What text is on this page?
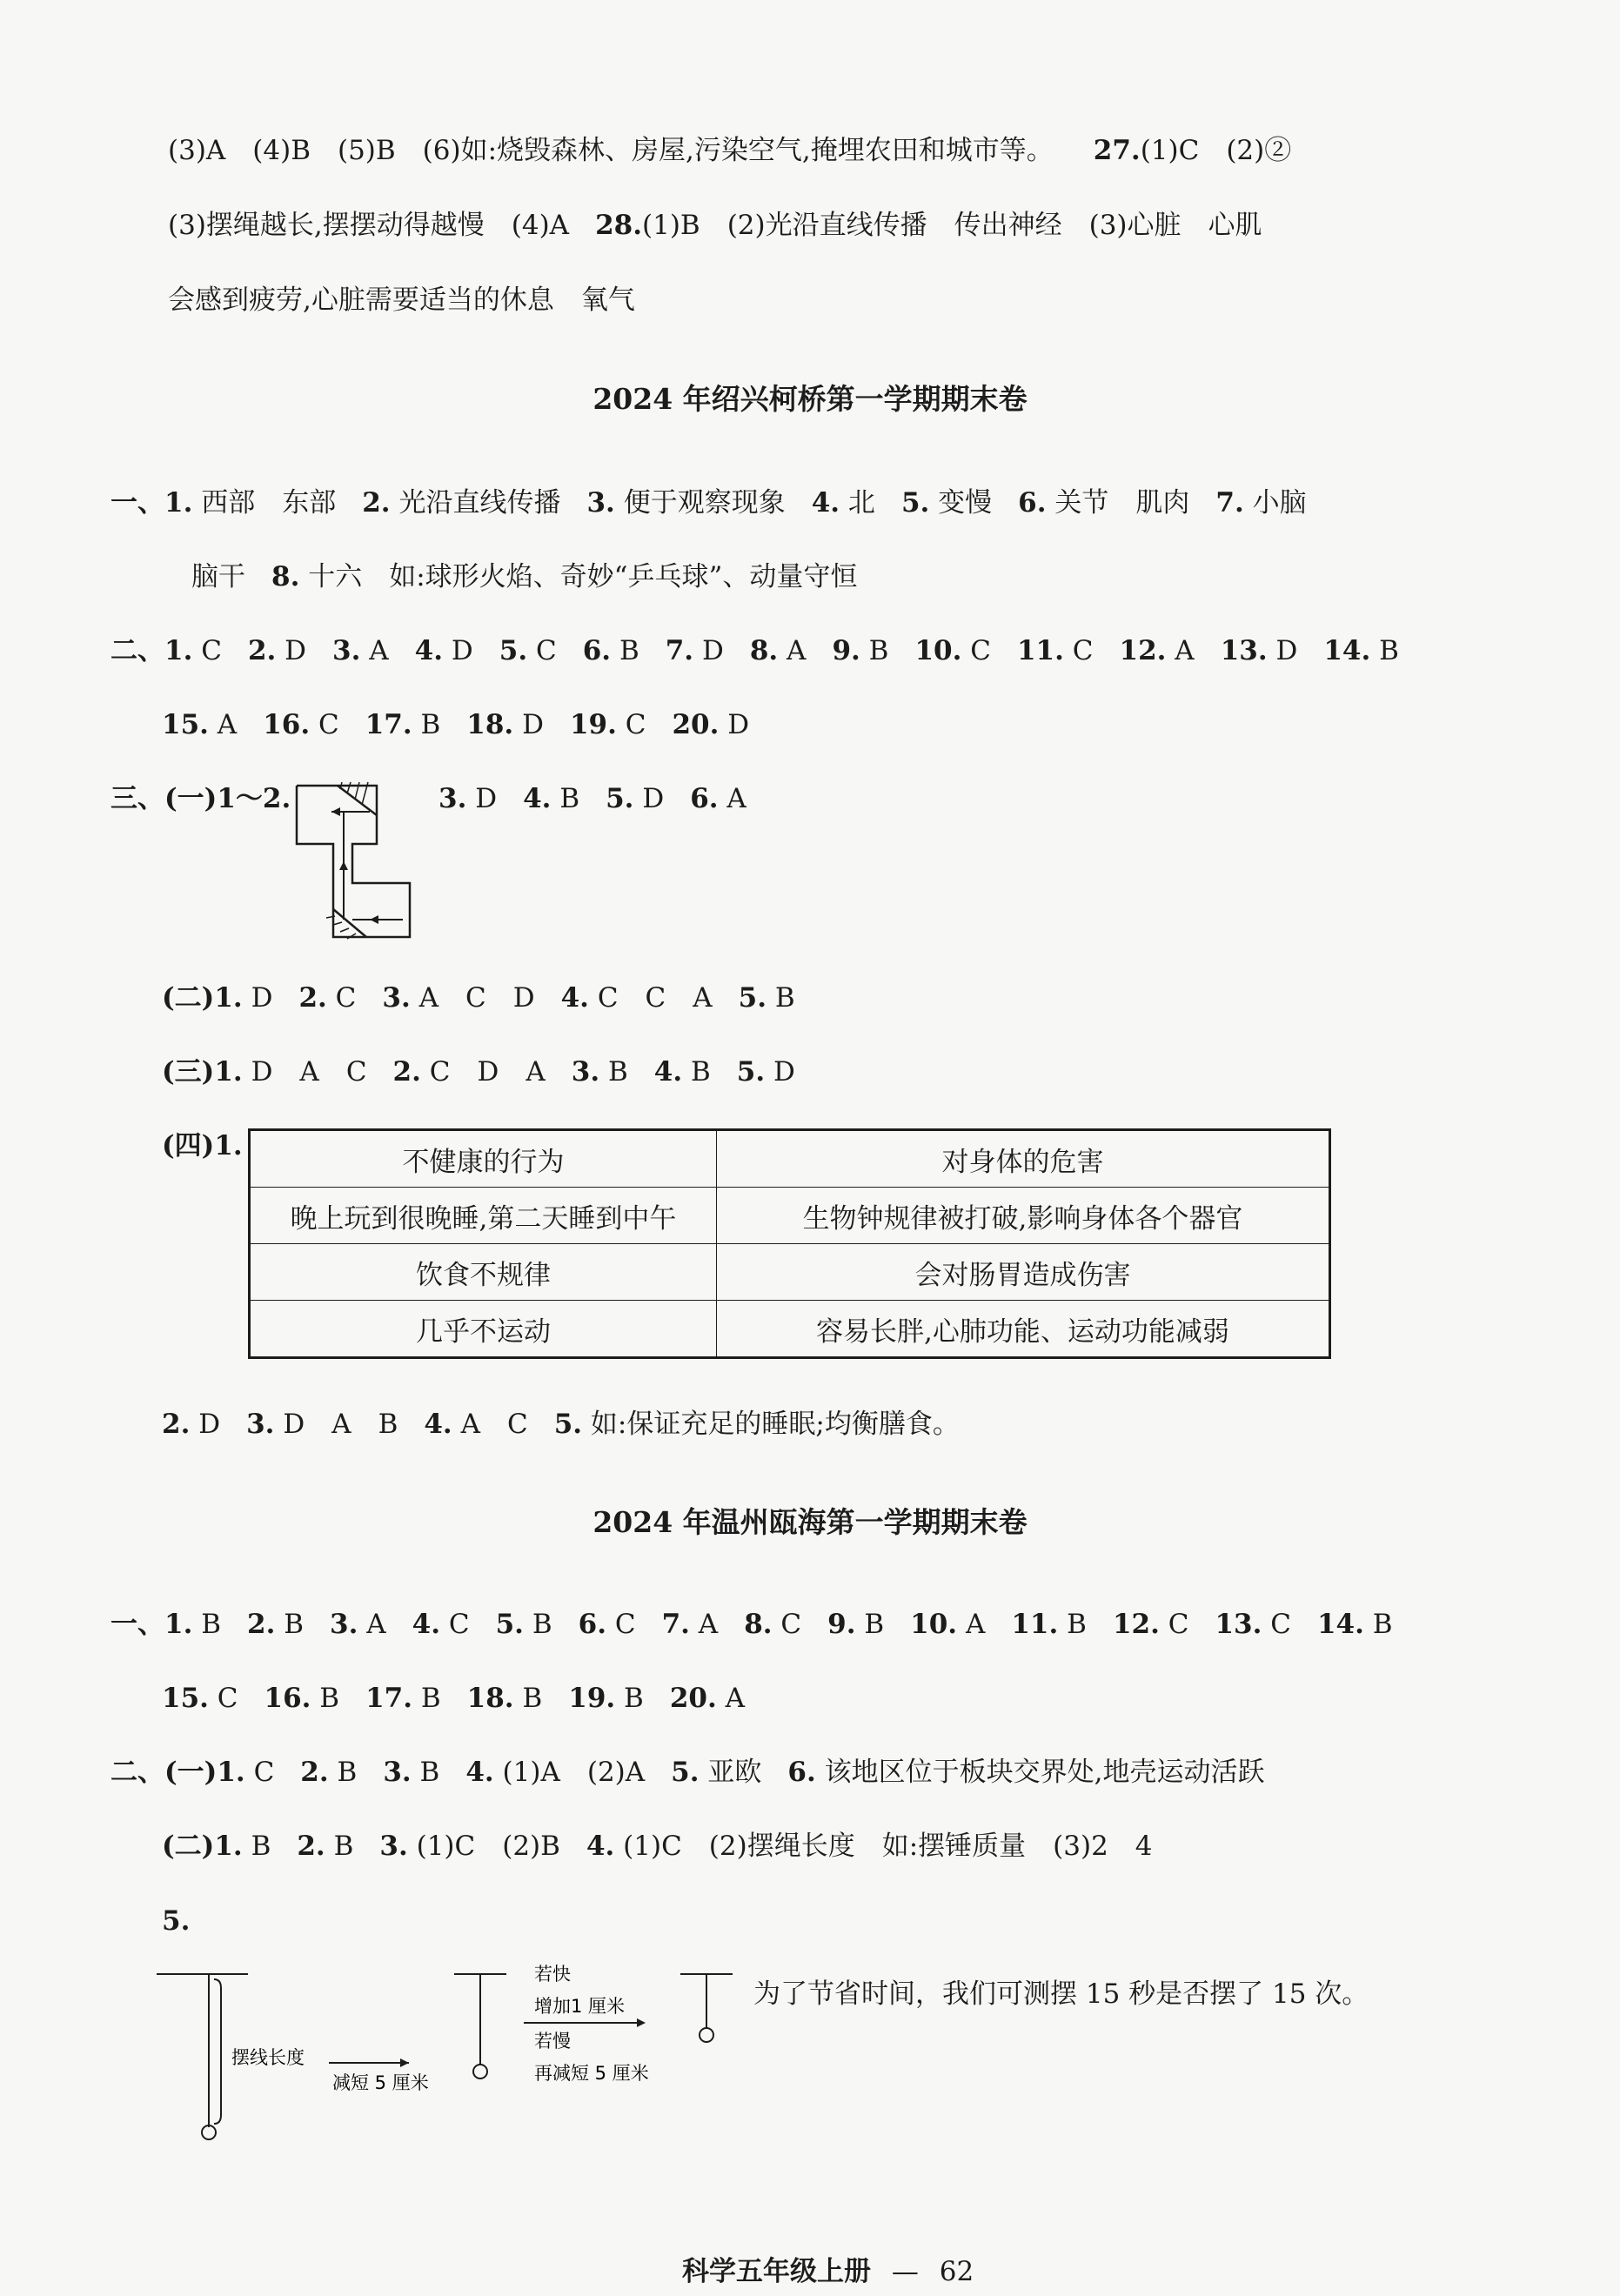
(3)A　(4)B　(5)B　(6)如:烧毁森林、房屋,污染空气,掩埋农田和城市等。 27.(1)C　(2)②
(3)摆绳越长,摆摆动得越慢　(4)A 28.(1)B　(2)光沿直线传播　传出神经　(3)心脏　心肌
会感到疲劳,心脏需要适当的休息　氧气
2024 年绍兴柯桥第一学期期末卷
一、1. 西部　东部 2. 光沿直线传播 3. 便于观察现象 4. 北 5. 变慢 6. 关节　肌肉 7. 小脑
脑干 8. 十六　如:球形火焰、奇妙“乒乓球”、动量守恒
二、1. C 2. D 3. A 4. D 5. C 6. B 7. D 8. A 9. B 10. C 11. C 12. A 13. D 14. B
15. A 16. C 17. B 18. D 19. C 20. D
三、(一)1～2.	3. D 4. B 5. D 6. A
(二)1. D 2. C 3. A　C　D 4. C　C　A 5. B
(三)1. D　A　C 2. C　D　A 3. B 4. B 5. D
(四)1.
不健康的行为	对身体的危害
晚上玩到很晚睡,第二天睡到中午	生物钟规律被打破,影响身体各个器官
饮食不规律	会对肠胃造成伤害
几乎不运动	容易长胖,心肺功能、运动功能减弱
2. D 3. D　A　B 4. A　C 5. 如:保证充足的睡眠;均衡膳食。
2024 年温州瓯海第一学期期末卷
一、1. B 2. B 3. A 4. C 5. B 6. C 7. A 8. C 9. B 10. A 11. B 12. C 13. C 14. B
15. C 16. B 17. B 18. B 19. B 20. A
二、(一)1. C 2. B 3. B 4. (1)A　(2)A 5. 亚欧 6. 该地区位于板块交界处,地壳运动活跃
(二)1. B 2. B 3. (1)C　(2)B 4. (1)C　(2)摆绳长度　如:摆锤质量　(3)2　4
5.
摆线长度
减短 5 厘米
若快
增加1 厘米
若慢
再减短 5 厘米
为了节省时间，我们可测摆 15 秒是否摆了 15 次。
科学五年级上册 — 62
